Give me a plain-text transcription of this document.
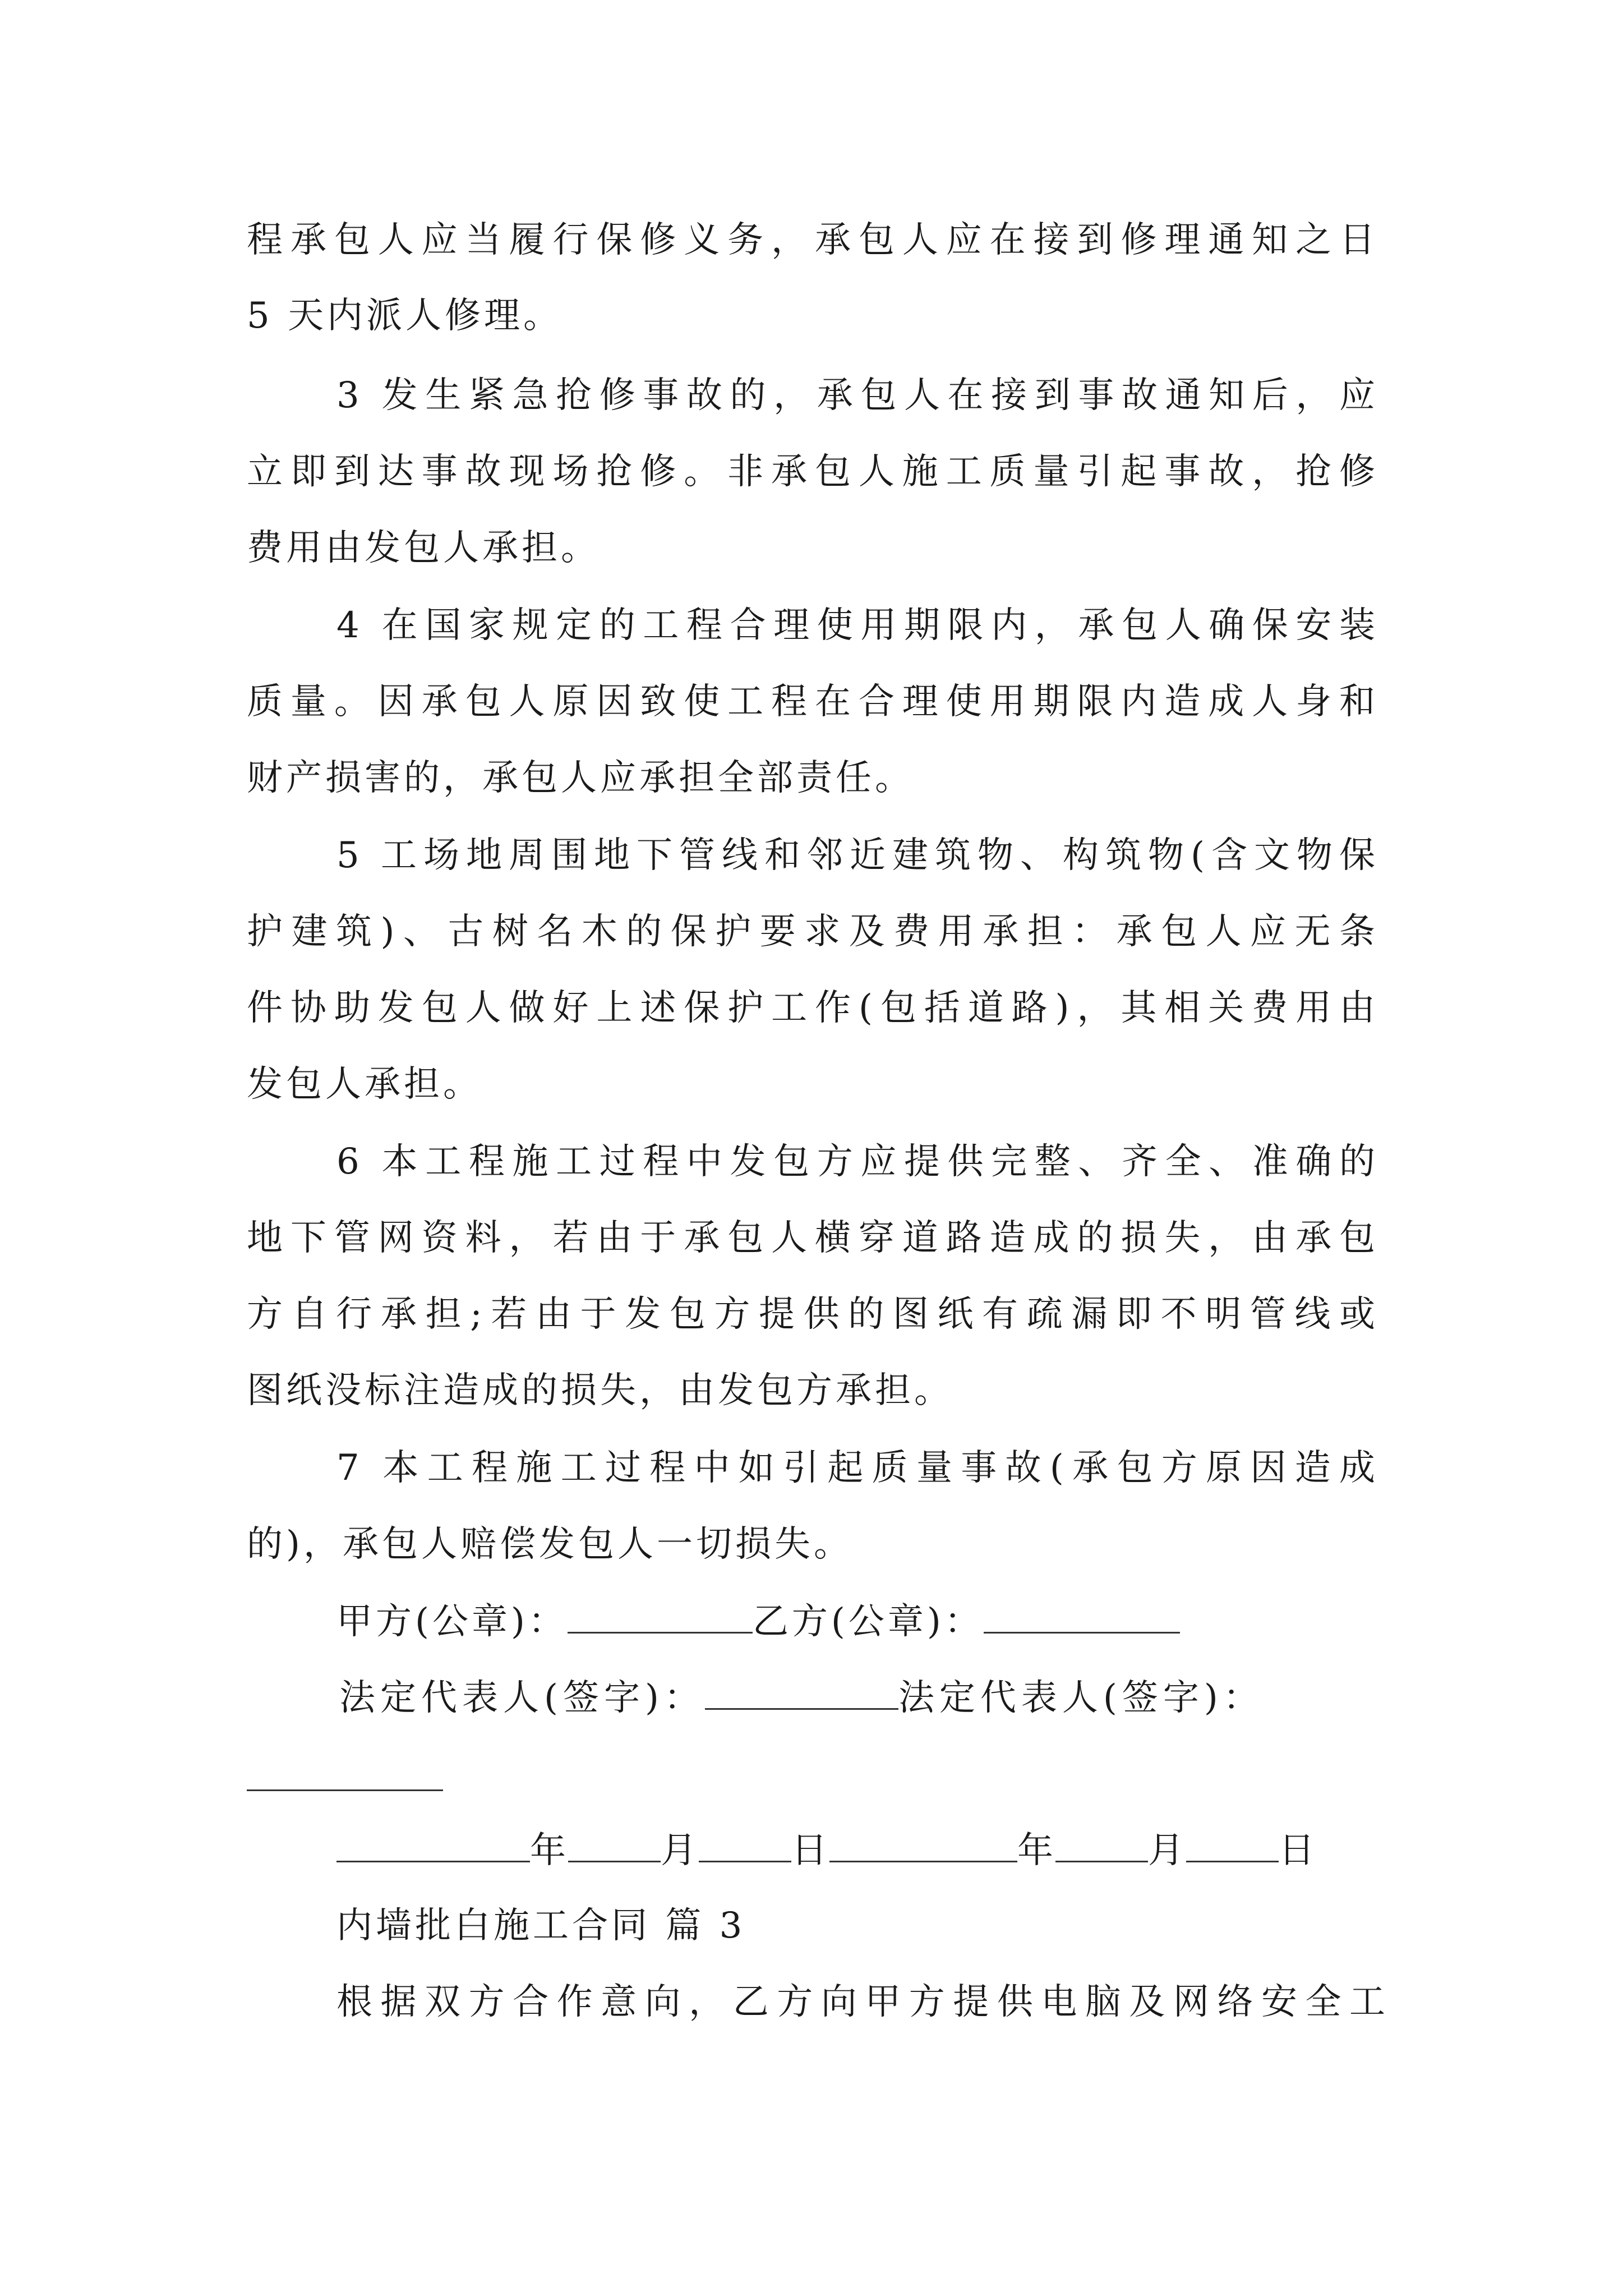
程承包人应当履行保修义务，承包人应在接到修理通知之日
5 天内派人修理。
3 发生紧急抢修事故的，承包人在接到事故通知后，应
立即到达事故现场抢修。非承包人施工质量引起事故，抢修
费用由发包人承担。
4 在国家规定的工程合理使用期限内，承包人确保安装
质量。因承包人原因致使工程在合理使用期限内造成人身和
财产损害的，承包人应承担全部责任。
5 工场地周围地下管线和邻近建筑物、构筑物(含文物保
护建筑)、古树名木的保护要求及费用承担：承包人应无条
件协助发包人做好上述保护工作(包括道路)，其相关费用由
发包人承担。
6 本工程施工过程中发包方应提供完整、齐全、准确的
地下管网资料，若由于承包人横穿道路造成的损失，由承包
方自行承担;若由于发包方提供的图纸有疏漏即不明管线或
图纸没标注造成的损失，由发包方承担。
7 本工程施工过程中如引起质量事故(承包方原因造成
的)，承包人赔偿发包人一切损失。
甲方(公章)：	乙方(公章)：
法定代表人(签字)：	法定代表人(签字)：
年	月	日	年	月	日
内墙批白施工合同 篇 3
根据双方合作意向，乙方向甲方提供电脑及网络安全工
